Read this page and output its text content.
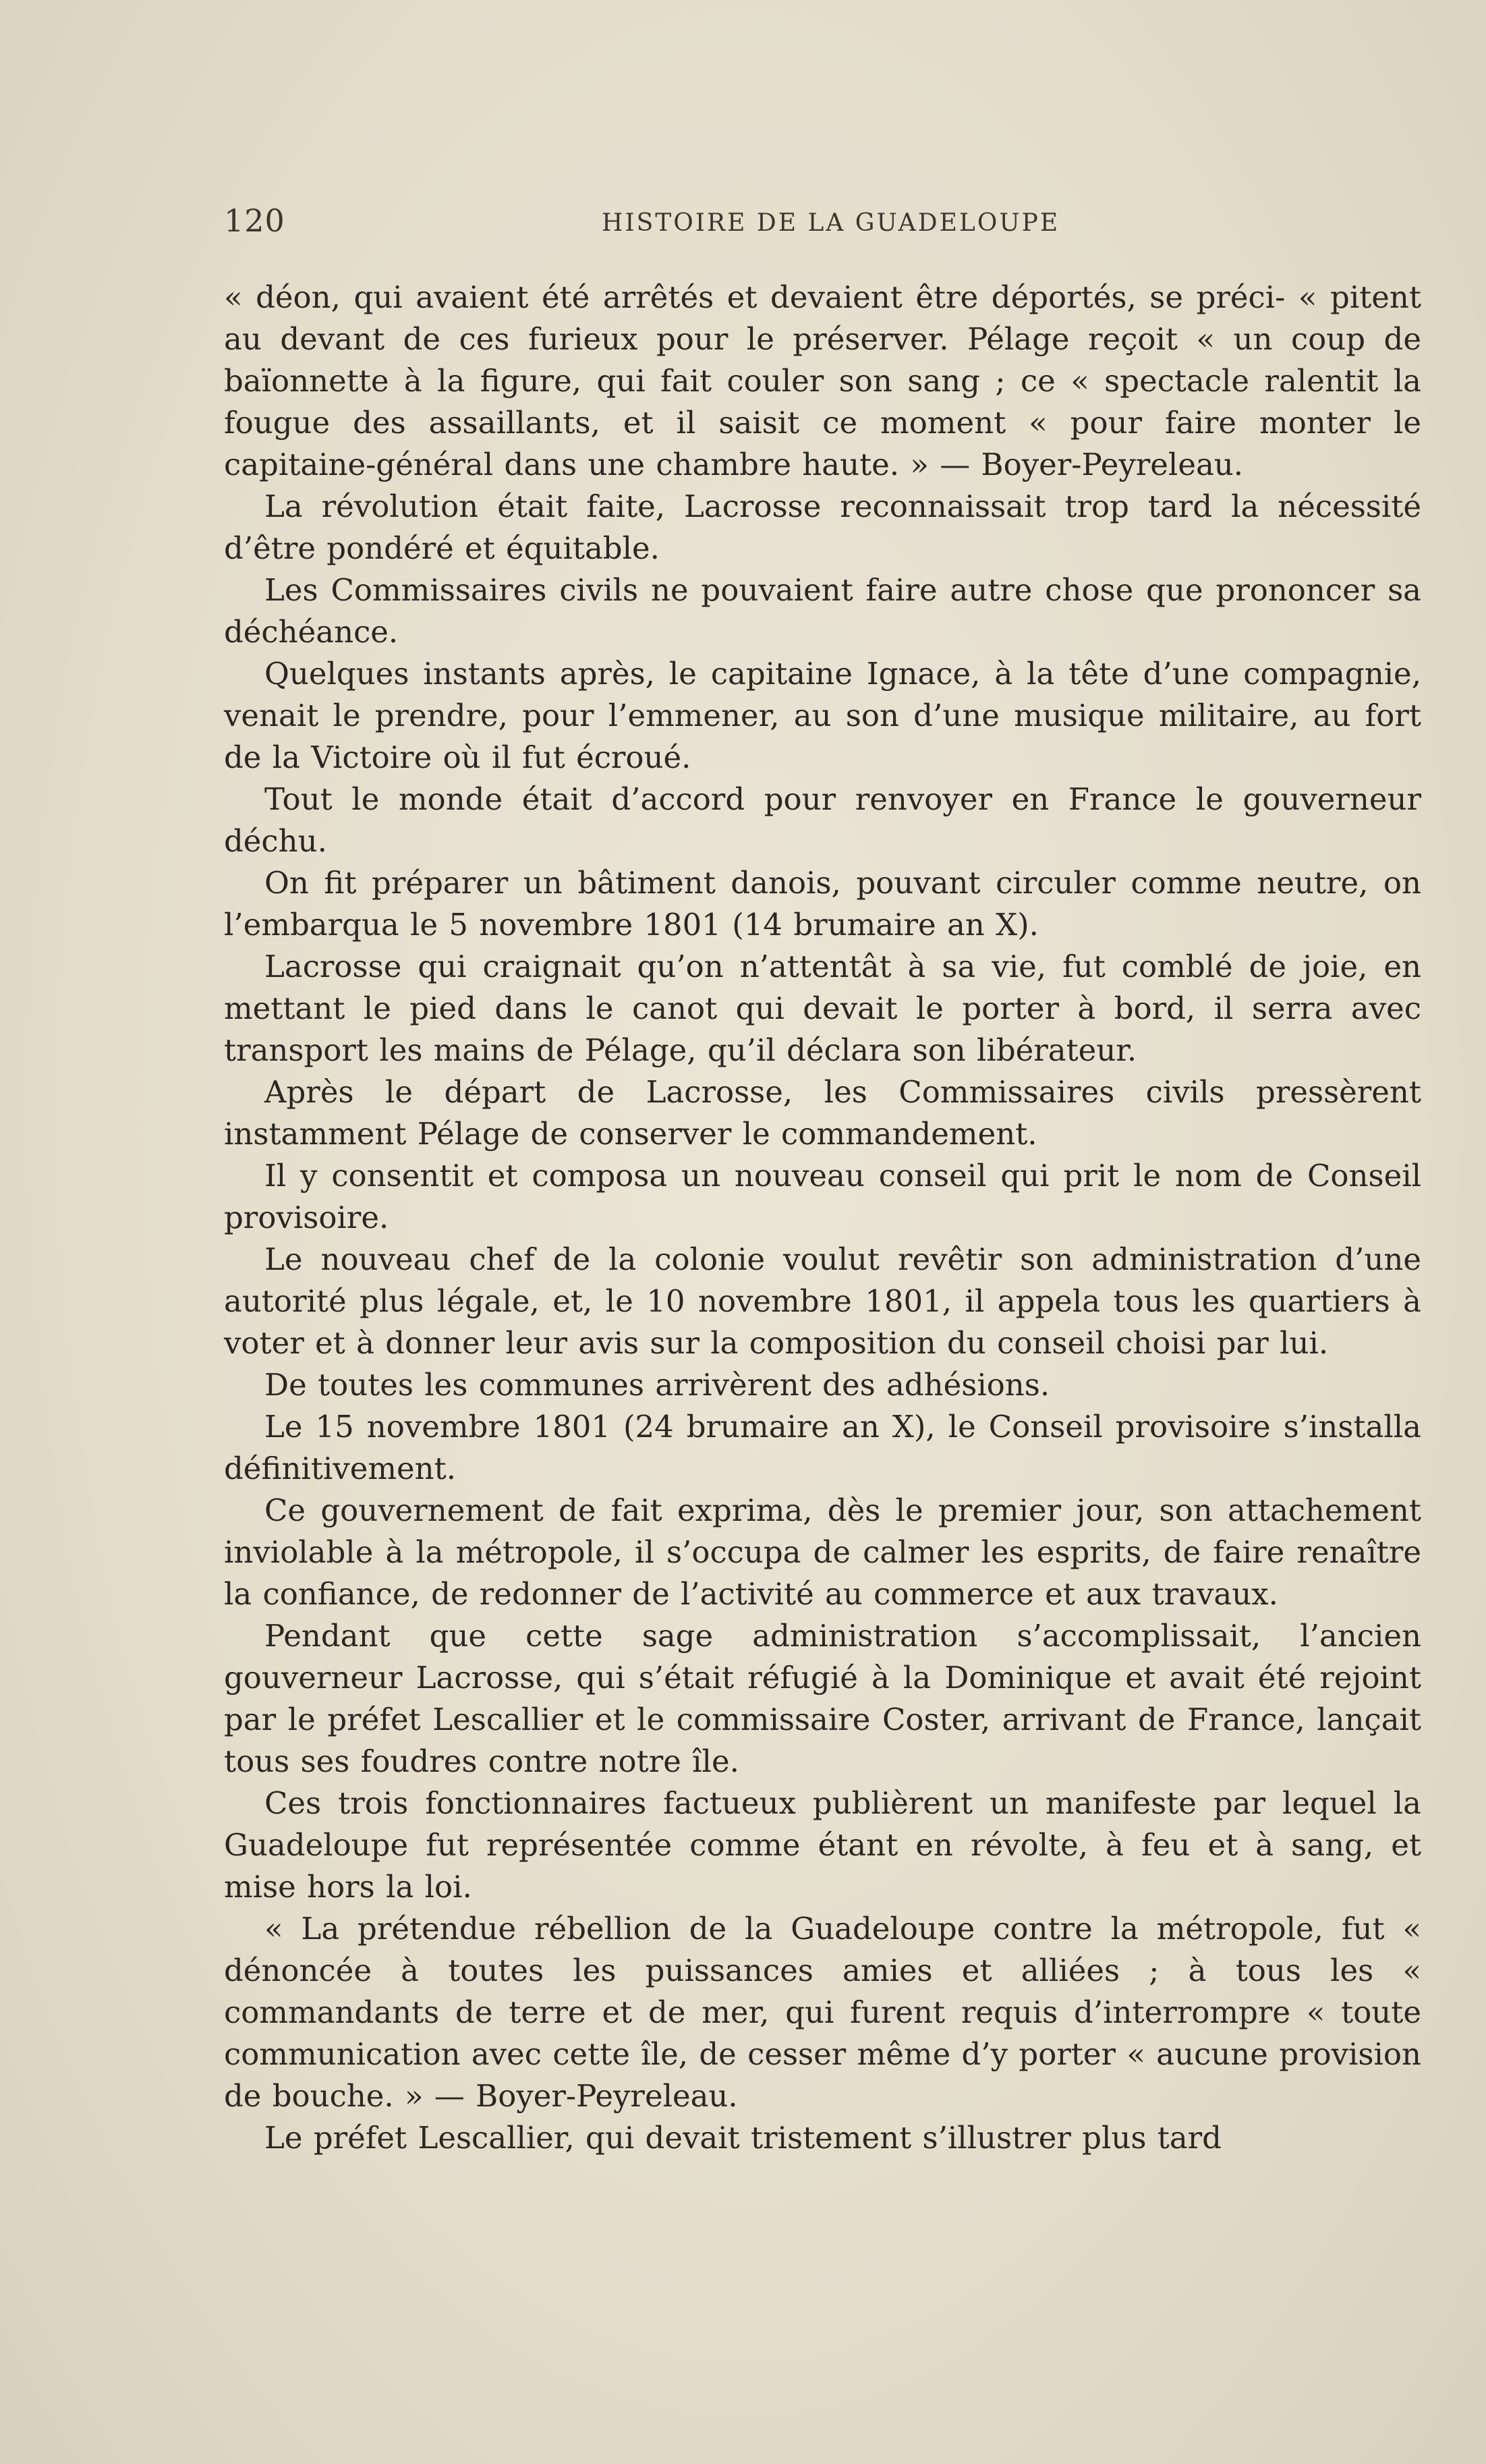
120	HISTOIRE DE LA GUADELOUPE

« déon, qui avaient été arrêtés et devaient être déportés, se préci- « pitent au devant de ces furieux pour le préserver. Pélage reçoit « un coup de baïonnette à la figure, qui fait couler son sang ; ce « spectacle ralentit la fougue des assaillants, et il saisit ce moment « pour faire monter le capitaine-général dans une chambre haute. » — Boyer-Peyreleau.

La révolution était faite, Lacrosse reconnaissait trop tard la nécessité d’être pondéré et équitable.

Les Commissaires civils ne pouvaient faire autre chose que prononcer sa déchéance.

Quelques instants après, le capitaine Ignace, à la tête d’une compagnie, venait le prendre, pour l’emmener, au son d’une musique militaire, au fort de la Victoire où il fut écroué.

Tout le monde était d’accord pour renvoyer en France le gouverneur déchu.

On fit préparer un bâtiment danois, pouvant circuler comme neutre, on l’embarqua le 5 novembre 1801 (14 brumaire an X).

Lacrosse qui craignait qu’on n’attentât à sa vie, fut comblé de joie, en mettant le pied dans le canot qui devait le porter à bord, il serra avec transport les mains de Pélage, qu’il déclara son libérateur.

Après le départ de Lacrosse, les Commissaires civils pressèrent instamment Pélage de conserver le commandement.

Il y consentit et composa un nouveau conseil qui prit le nom de Conseil provisoire.

Le nouveau chef de la colonie voulut revêtir son administration d’une autorité plus légale, et, le 10 novembre 1801, il appela tous les quartiers à voter et à donner leur avis sur la composition du conseil choisi par lui.

De toutes les communes arrivèrent des adhésions.

Le 15 novembre 1801 (24 brumaire an X), le Conseil provisoire s’installa définitivement.

Ce gouvernement de fait exprima, dès le premier jour, son attachement inviolable à la métropole, il s’occupa de calmer les esprits, de faire renaître la confiance, de redonner de l’activité au commerce et aux travaux.

Pendant que cette sage administration s’accomplissait, l’ancien gouverneur Lacrosse, qui s’était réfugié à la Dominique et avait été rejoint par le préfet Lescallier et le commissaire Coster, arrivant de France, lançait tous ses foudres contre notre île.

Ces trois fonctionnaires factueux publièrent un manifeste par lequel la Guadeloupe fut représentée comme étant en révolte, à feu et à sang, et mise hors la loi.

« La prétendue rébellion de la Guadeloupe contre la métropole, fut « dénoncée à toutes les puissances amies et alliées ; à tous les « commandants de terre et de mer, qui furent requis d’interrompre « toute communication avec cette île, de cesser même d’y porter « aucune provision de bouche. » — Boyer-Peyreleau.

Le préfet Lescallier, qui devait tristement s’illustrer plus tard
